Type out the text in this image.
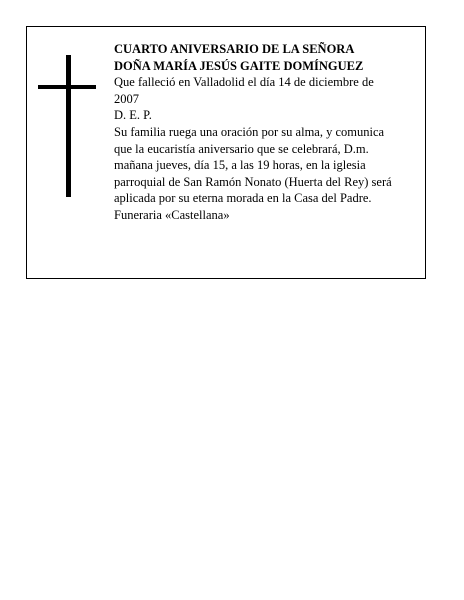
CUARTO ANIVERSARIO DE LA SEÑORA
DOÑA MARÍA JESÚS GAITE DOMÍNGUEZ
Que falleció en Valladolid el día 14 de diciembre de
2007
D. E. P.
Su familia ruega una oración por su alma, y comunica
que la eucaristía aniversario que se celebrará, D.m.
mañana jueves, día 15, a las 19 horas, en la iglesia
parroquial de San Ramón Nonato (Huerta del Rey) será
aplicada por su eterna morada en la Casa del Padre.
Funeraria «Castellana»
